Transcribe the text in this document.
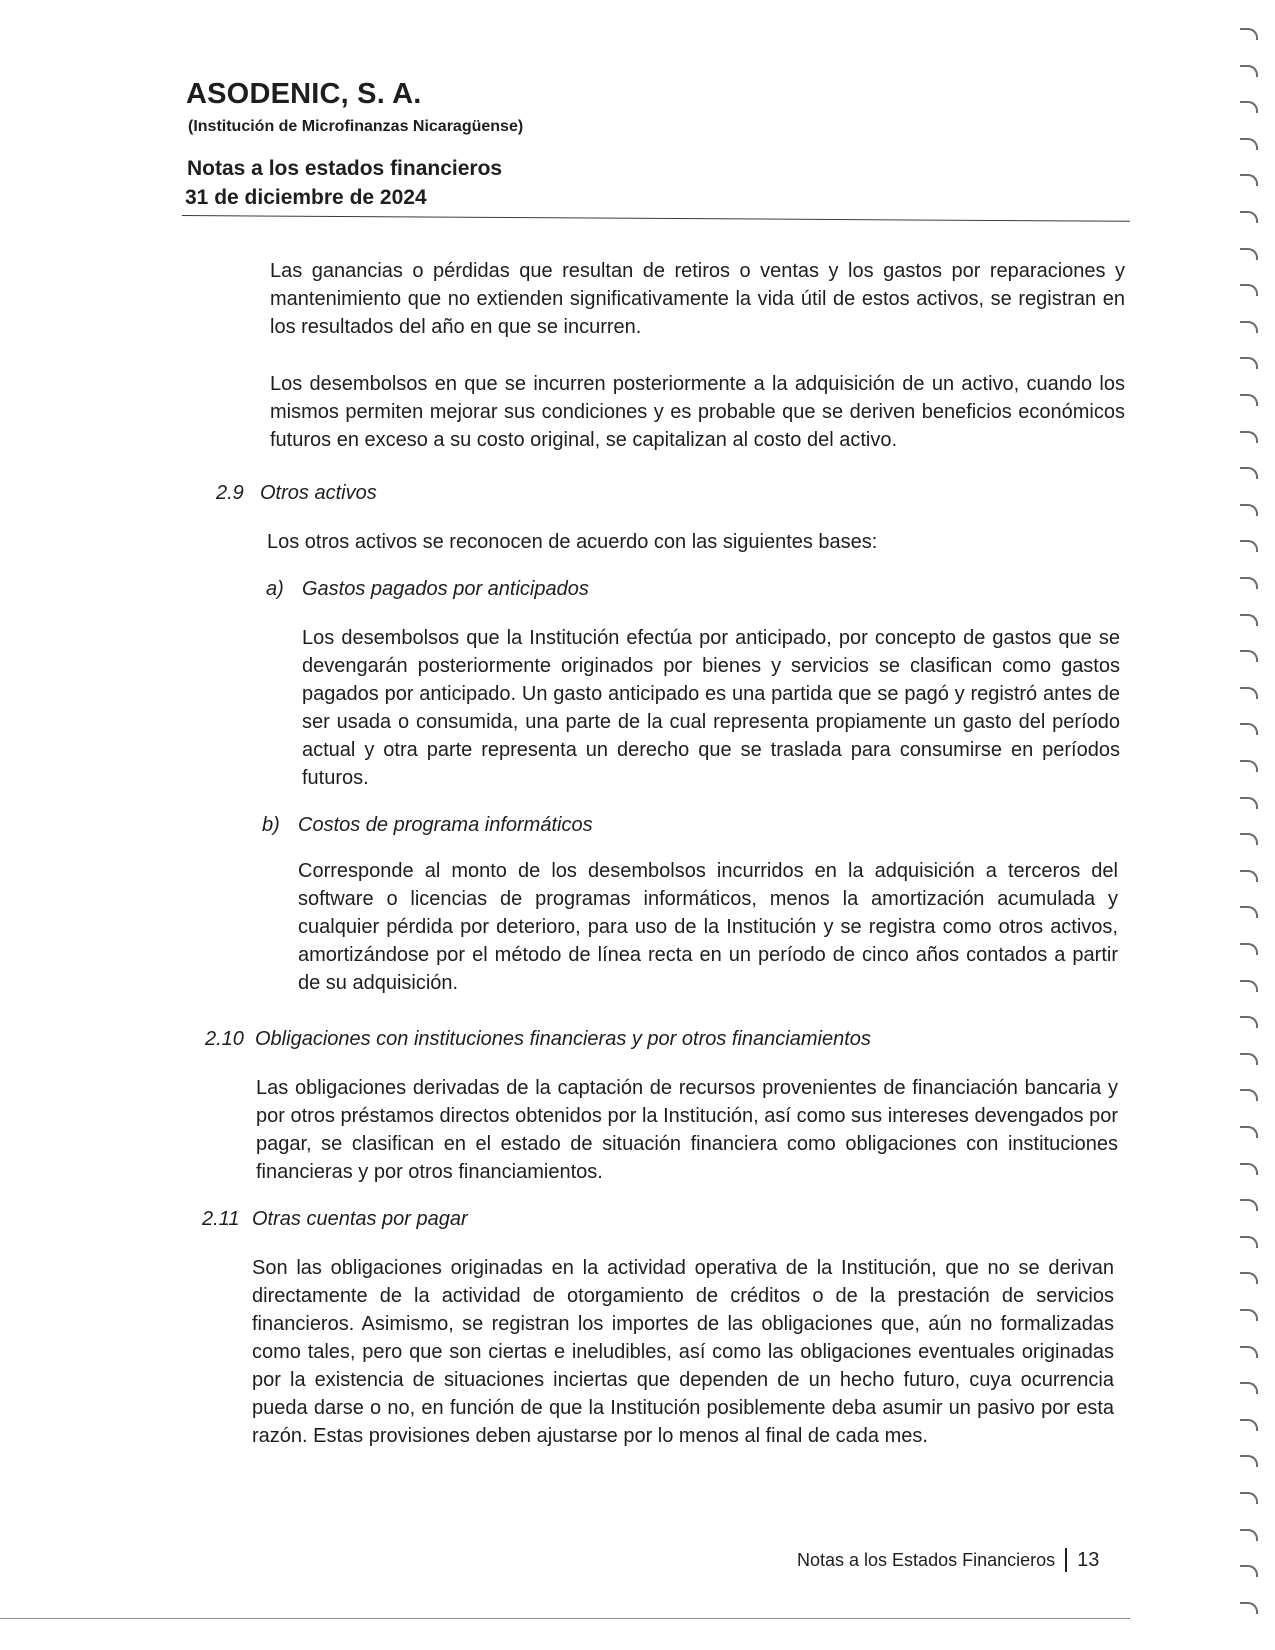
ASODENIC, S. A.
(Institución de Microfinanzas Nicaragüense)
Notas a los estados financieros
31 de diciembre de 2024

Las ganancias o pérdidas que resultan de retiros o ventas y los gastos por reparaciones y mantenimiento que no extienden significativamente la vida útil de estos activos, se registran en los resultados del año en que se incurren.

Los desembolsos en que se incurren posteriormente a la adquisición de un activo, cuando los mismos permiten mejorar sus condiciones y es probable que se deriven beneficios económicos futuros en exceso a su costo original, se capitalizan al costo del activo.

2.9 Otros activos

Los otros activos se reconocen de acuerdo con las siguientes bases:

a) Gastos pagados por anticipados

Los desembolsos que la Institución efectúa por anticipado, por concepto de gastos que se devengarán posteriormente originados por bienes y servicios se clasifican como gastos pagados por anticipado. Un gasto anticipado es una partida que se pagó y registró antes de ser usada o consumida, una parte de la cual representa propiamente un gasto del período actual y otra parte representa un derecho que se traslada para consumirse en períodos futuros.

b) Costos de programa informáticos

Corresponde al monto de los desembolsos incurridos en la adquisición a terceros del software o licencias de programas informáticos, menos la amortización acumulada y cualquier pérdida por deterioro, para uso de la Institución y se registra como otros activos, amortizándose por el método de línea recta en un período de cinco años contados a partir de su adquisición.

2.10 Obligaciones con instituciones financieras y por otros financiamientos

Las obligaciones derivadas de la captación de recursos provenientes de financiación bancaria y por otros préstamos directos obtenidos por la Institución, así como sus intereses devengados por pagar, se clasifican en el estado de situación financiera como obligaciones con instituciones financieras y por otros financiamientos.

2.11 Otras cuentas por pagar

Son las obligaciones originadas en la actividad operativa de la Institución, que no se derivan directamente de la actividad de otorgamiento de créditos o de la prestación de servicios financieros. Asimismo, se registran los importes de las obligaciones que, aún no formalizadas como tales, pero que son ciertas e ineludibles, así como las obligaciones eventuales originadas por la existencia de situaciones inciertas que dependen de un hecho futuro, cuya ocurrencia pueda darse o no, en función de que la Institución posiblemente deba asumir un pasivo por esta razón. Estas provisiones deben ajustarse por lo menos al final de cada mes.

Notas a los Estados Financieros 13
